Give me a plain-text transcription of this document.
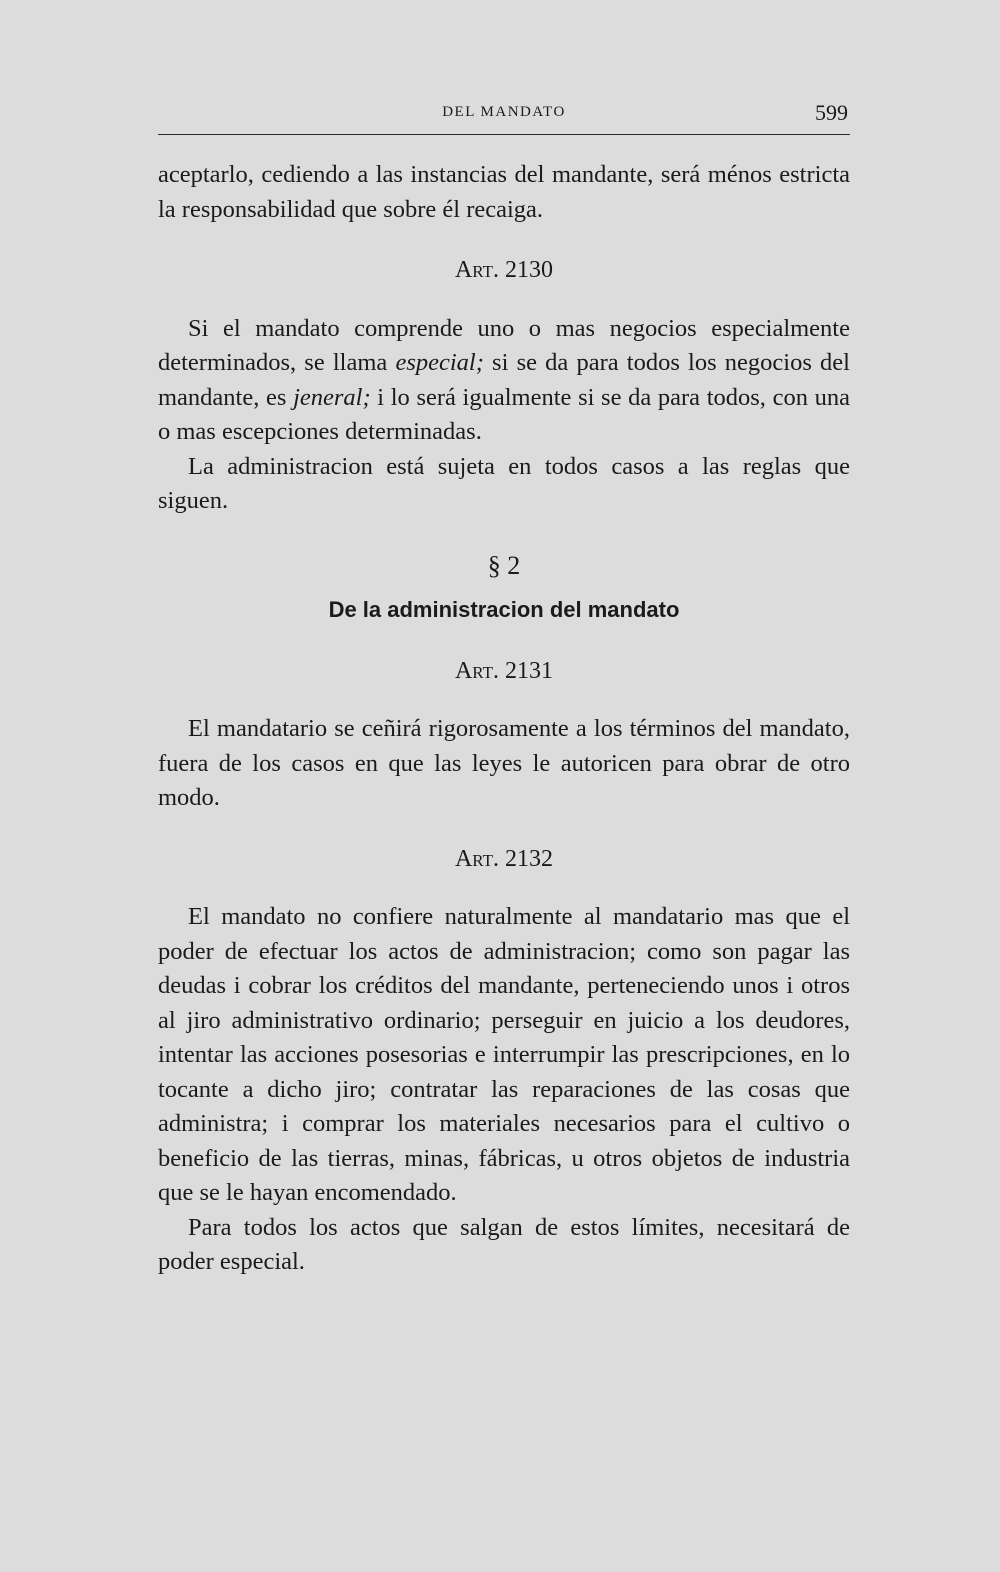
DEL MANDATO	599

aceptarlo, cediendo a las instancias del mandante, será ménos estricta la responsabilidad que sobre él recaiga.

Art. 2130

Si el mandato comprende uno o mas negocios especialmente determinados, se llama especial; si se da para todos los negocios del mandante, es jeneral; i lo será igualmente si se da para todos, con una o mas escepciones determinadas.

La administracion está sujeta en todos casos a las reglas que siguen.

§ 2
De la administracion del mandato
Art. 2131

El mandatario se ceñirá rigorosamente a los términos del mandato, fuera de los casos en que las leyes le autoricen para obrar de otro modo.

Art. 2132

El mandato no confiere naturalmente al mandatario mas que el poder de efectuar los actos de administracion; como son pagar las deudas i cobrar los créditos del mandante, perteneciendo unos i otros al jiro administrativo ordinario; perseguir en juicio a los deudores, intentar las acciones posesorias e interrumpir las prescripciones, en lo tocante a dicho jiro; contratar las reparaciones de las cosas que administra; i comprar los materiales necesarios para el cultivo o beneficio de las tierras, minas, fábricas, u otros objetos de industria que se le hayan encomendado.

Para todos los actos que salgan de estos límites, necesitará de poder especial.
